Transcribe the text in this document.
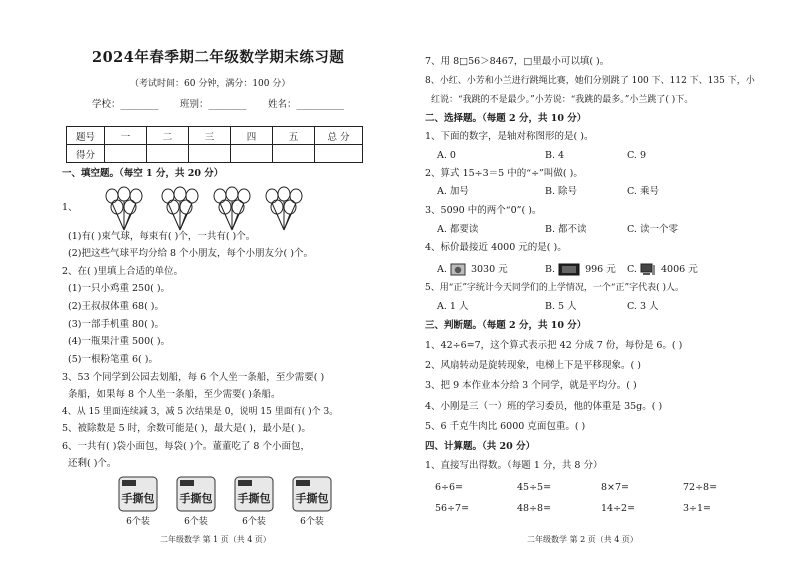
2024年春季期二年级数学期末练习题
（考试时间：60 分钟，满分：100 分）
学校：________ 班别：________ 姓名：__________
题号	一	二	三	四	五	总 分
得分						
一、填空题。（每空 1 分，共 20 分）
1、
(1)有( )束气球，每束有( )个，一共有( )个。
(2)把这些气球平均分给 8 个小朋友，每个小朋友分( )个。
2、在( )里填上合适的单位。
(1)一只小鸡重 250( )。
(2)王叔叔体重 68( )。
(3)一部手机重 80( )。
(4)一瓶果汁重 500( )。
(5)一根粉笔重 6( )。
3、53 个同学到公园去划船，每 6 个人坐一条船，至少需要( )
条船，如果每 8 个人坐一条船，至少需要( )条船。
4、从 15 里面连续减 3，减 5 次结果是 0，说明 15 里面有( )个 3。
5、被除数是 5 时，余数可能是( )，最大是( )，最小是( )。
6、一共有( )袋小面包，每袋( )个。董董吃了 8 个小面包，
还剩( )个。
手撕包 手撕包 手撕包 手撕包
6个装	6个装	6个装	6个装
二年级数学 第 1 页（共 4 页）
7、用 8□56＞8467，□里最小可以填( )。
8、小红、小芳和小兰进行跳绳比赛，她们分别跳了 100 下、112 下、135 下，小
红说：“我跳的不是最少。”小芳说：“我跳的最多。”小兰跳了( )下。
二、选择题。（每题 2 分，共 10 分）
1、下面的数字，是轴对称图形的是( )。
A. 0	B. 4	C. 9
2、算式 15÷3＝5 中的“÷”叫做( )。
A. 加号	B. 除号	C. 乘号
3、5090 中的两个“0”( )。
A. 都要读	B. 都不读	C. 读一个零
4、标价最接近 4000 元的是( )。
A.	3030 元	B.	996 元 C.	4006 元
5、用“正”字统计今天同学们的上学情况，一个“正”字代表( )人。
A. 1 人	B. 5 人	C. 3 人
三、判断题。（每题 2 分，共 10 分）
1、42÷6=7，这个算式表示把 42 分成 7 份，每份是 6。( )
2、风扇转动是旋转现象，电梯上下是平移现象。( )
3、把 9 本作业本分给 3 个同学，就是平均分。( )
4、小刚是三（一）班的学习委员，他的体重是 35g。( )
5、6 千克牛肉比 6000 克面包重。( )
四、计算题。（共 20 分）
1、直接写出得数。（每题 1 分，共 8 分）
6÷6=	45÷5=	8×7=	72÷8=
56÷7=	48÷8=	14÷2=	3÷1=
二年级数学 第 2 页（共 4 页）
